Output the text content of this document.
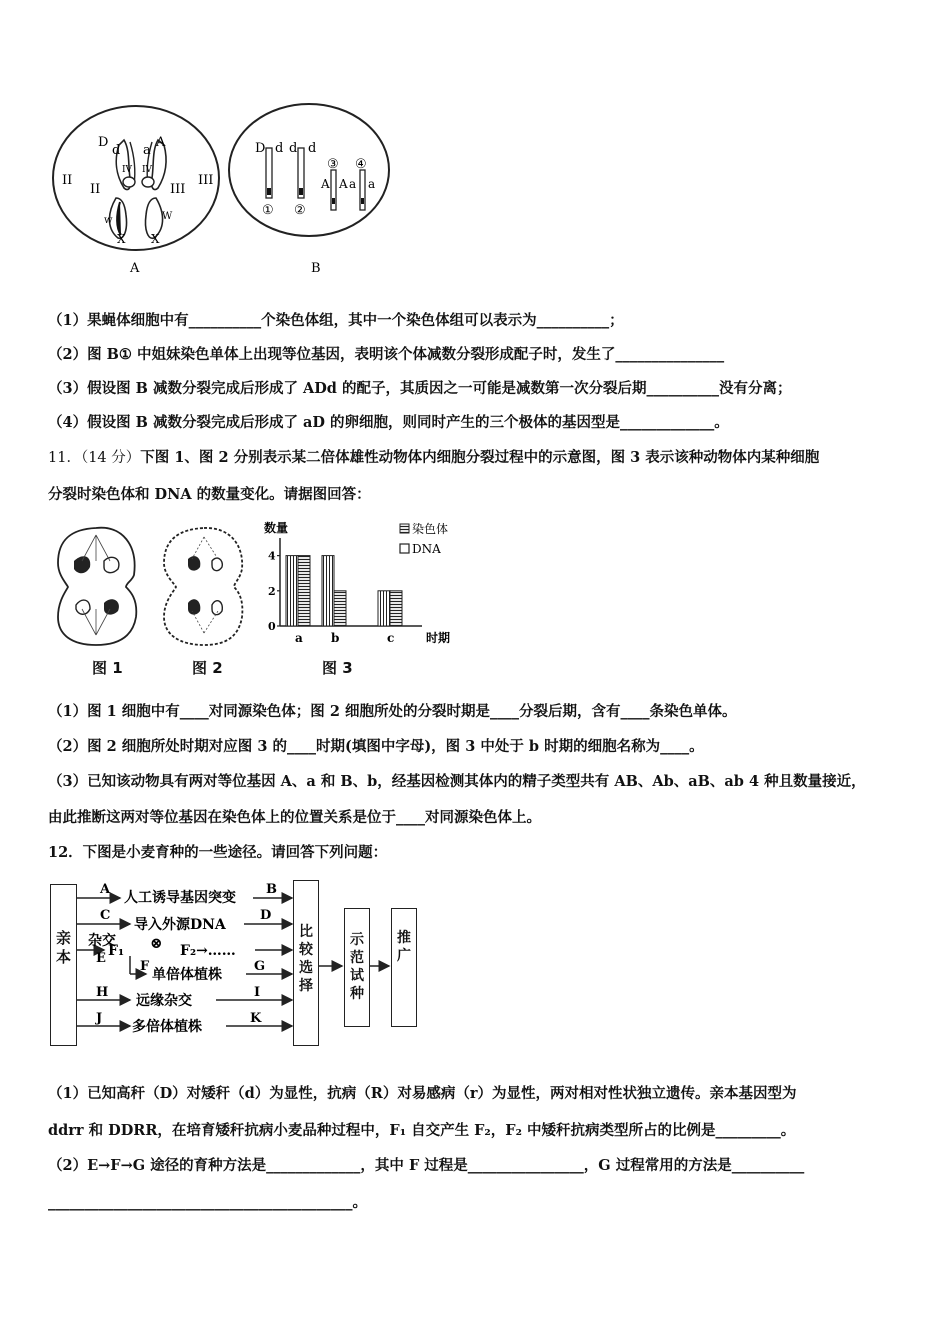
D
d a
A
II
II
IV IV
III
III
w	W
X X
A
D d d d
③ ④
A A a a
① ②
B
（1）果蝇体细胞中有__________个染色体组，其中一个染色体组可以表示为__________；
（2）图 B① 中姐妹染色单体上出现等位基因，表明该个体减数分裂形成配子时，发生了_______________
（3）假设图 B 减数分裂完成后形成了 ADd 的配子，其质因之一可能是减数第一次分裂后期__________没有分离；
（4）假设图 B 减数分裂完成后形成了 aD 的卵细胞，则同时产生的三个极体的基因型是_____________。
11．（14 分）下图 1、图 2 分别表示某二倍体雄性动物体内细胞分裂过程中的示意图，图 3 表示该种动物体内某种细胞
分裂时染色体和 DNA 的数量变化。请据图回答：
图 1	图 2
数量
0
2
4
a b	c	时期
染色体
DNA
图 3
（1）图 1 细胞中有____对同源染色体；图 2 细胞所处的分裂时期是____分裂后期，含有____条染色单体。
（2）图 2 细胞所处时期对应图 3 的____时期(填图中字母)，图 3 中处于 b 时期的细胞名称为____。
（3）已知该动物具有两对等位基因 A、a 和 B、b，经基因检测其体内的精子类型共有 AB、Ab、aB、ab 4 种且数量接近，
由此推断这两对等位基因在染色体上的位置关系是位于____对同源染色体上。
12．下图是小麦育种的一些途径。请回答下列问题：
亲本
比较选择
示范试种
推广
A
人工诱导基因突变
B
C
导入外源DNA
D
杂交
E F₁ ⊗ F₂→……
F
单倍体植株
G
H
远缘杂交
I
J
多倍体植株
K
（1）已知高秆（D）对矮秆（d）为显性，抗病（R）对易感病（r）为显性，两对相对性状独立遗传。亲本基因型为
ddrr 和 DDRR，在培育矮秆抗病小麦品种过程中，F₁ 自交产生 F₂，F₂ 中矮秆抗病类型所占的比例是_________。
（2）E→F→G 途径的育种方法是_____________，其中 F 过程是________________，G 过程常用的方法是__________
__________________________________________。
